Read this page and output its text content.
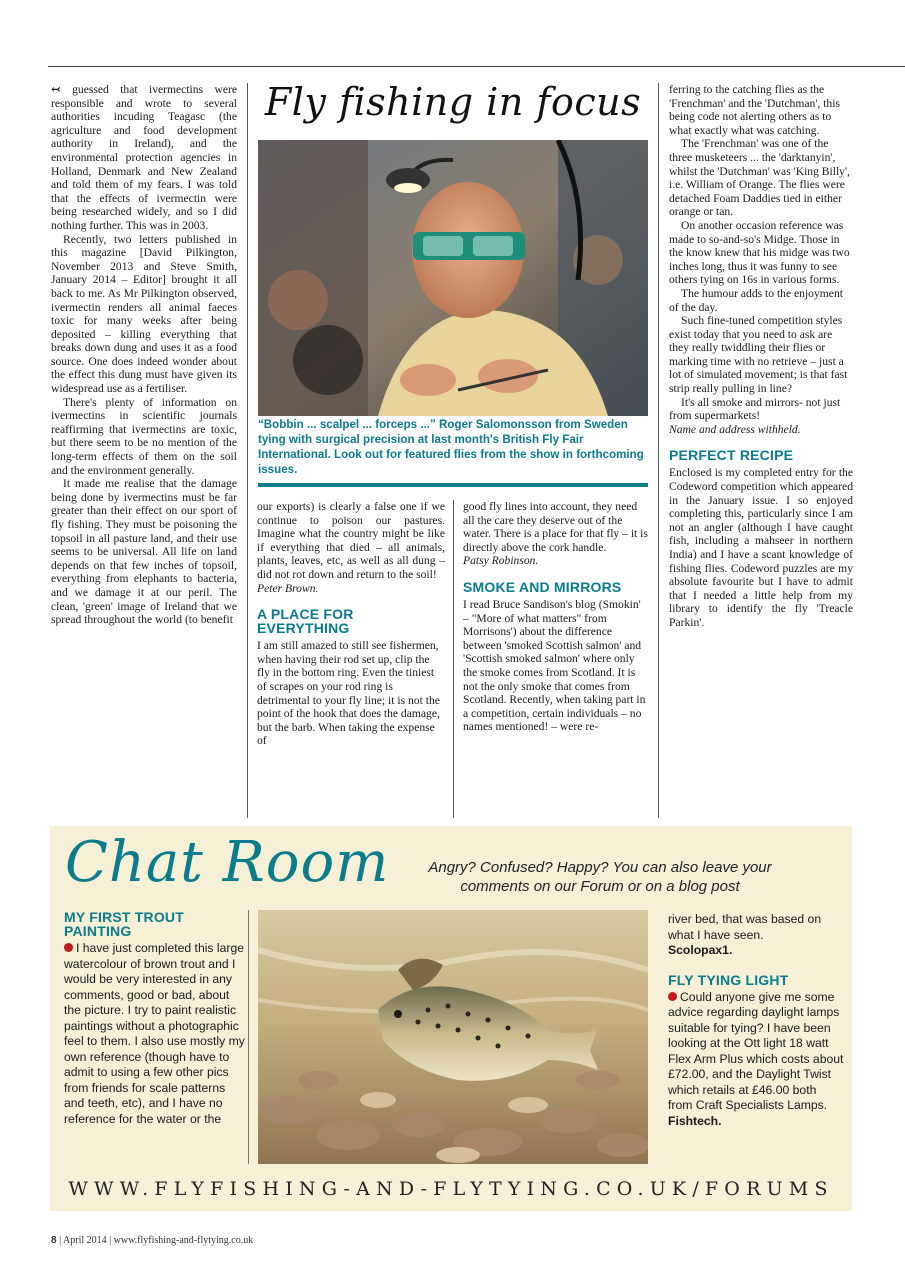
↢ guessed that ivermectins were responsible and wrote to several authorities incuding Teagasc (the agriculture and food development authority in Ireland), and the environmental protection agencies in Holland, Denmark and New Zealand and told them of my fears. I was told that the effects of ivermectin were being researched widely, and so I did nothing further. This was in 2003.

Recently, two letters published in this magazine [David Pilkington, November 2013 and Steve Smith, January 2014 – Editor] brought it all back to me. As Mr Pilkington observed, ivermectin renders all animal faeces toxic for many weeks after being deposited – killing everything that breaks down dung and uses it as a food source. One does indeed wonder about the effect this dung must have given its widespread use as a fertiliser.

There's plenty of information on ivermectins in scientific journals reaffirming that ivermectins are toxic, but there seem to be no mention of the long-term effects of them on the soil and the environment generally.

It made me realise that the damage being done by ivermectins must be far greater than their effect on our sport of fly fishing. They must be poisoning the topsoil in all pasture land, and their use seems to be universal. All life on land depends on that few inches of topsoil, everything from elephants to bacteria, and we damage it at our peril. The clean, 'green' image of Ireland that we spread throughout the world (to benefit

Fly fishing in focus
“Bobbin ... scalpel ... forceps ...” Roger Salomonsson from Sweden tying with surgical precision at last month's British Fly Fair International. Look out for featured flies from the show in forthcoming issues.

our exports) is clearly a false one if we continue to poison our pastures. Imagine what the country might be like if everything that died – all animals, plants, leaves, etc, as well as all dung – did not rot down and return to the soil!

Peter Brown.

A PLACE FOR EVERYTHING

I am still amazed to still see fishermen, when having their rod set up, clip the fly in the bottom ring. Even the tiniest of scrapes on your rod ring is detrimental to your fly line; it is not the point of the hook that does the damage, but the barb. When taking the expense of

good fly lines into account, they need all the care they deserve out of the water. There is a place for that fly – it is directly above the cork handle.

Patsy Robinson.

SMOKE AND MIRRORS

I read Bruce Sandison's blog (Smokin' – "More of what matters" from Morrisons') about the difference between 'smoked Scottish salmon' and 'Scottish smoked salmon' where only the smoke comes from Scotland. It is not the only smoke that comes from Scotland. Recently, when taking part in a competition, certain individuals – no names mentioned! – were re-

ferring to the catching flies as the 'Frenchman' and the 'Dutchman', this being code not alerting others as to what exactly what was catching.

The 'Frenchman' was one of the three musketeers ... the 'darktanyin', whilst the 'Dutchman' was 'King Billy', i.e. William of Orange. The flies were detached Foam Daddies tied in either orange or tan.

On another occasion reference was made to so-and-so's Midge. Those in the know knew that his midge was two inches long, thus it was funny to see others tying on 16s in various forms.

The humour adds to the enjoyment of the day.

Such fine-tuned competition styles exist today that you need to ask are they really twiddling their flies or marking time with no retrieve – just a lot of simulated movement; is that fast strip really pulling in line?

It's all smoke and mirrors- not just from supermarkets!

Name and address withheld.

PERFECT RECIPE

Enclosed is my completed entry for the Codeword competition which appeared in the January issue. I so enjoyed completing this, particularly since I am not an angler (although I have caught fish, including a mahseer in northern India) and I have a scant knowledge of fishing flies. Codeword puzzles are my absolute favourite but I have to admit that I needed a little help from my library to identify the fly 'Treacle Parkin'.

Chat Room	Angry? Confused? Happy? You can also leave your comments on our Forum or on a blog post
MY FIRST TROUT PAINTING
I have just completed this large watercolour of brown trout and I would be very interested in any comments, good or bad, about the picture. I try to paint realistic paintings without a photographic feel to them. I also use mostly my own reference (though have to admit to using a few other pics from friends for scale patterns and teeth, etc), and I have no reference for the water or the
river bed, that was based on what I have seen.
Scolopax1.
FLY TYING LIGHT
Could anyone give me some advice regarding daylight lamps suitable for tying? I have been looking at the Ott light 18 watt Flex Arm Plus which costs about £72.00, and the Daylight Twist which retails at £46.00 both from Craft Specialists Lamps.
Fishtech.
WWW.FLYFISHING-AND-FLYTYING.CO.UK/FORUMS
8 | April 2014 | www.flyfishing-and-flytying.co.uk
